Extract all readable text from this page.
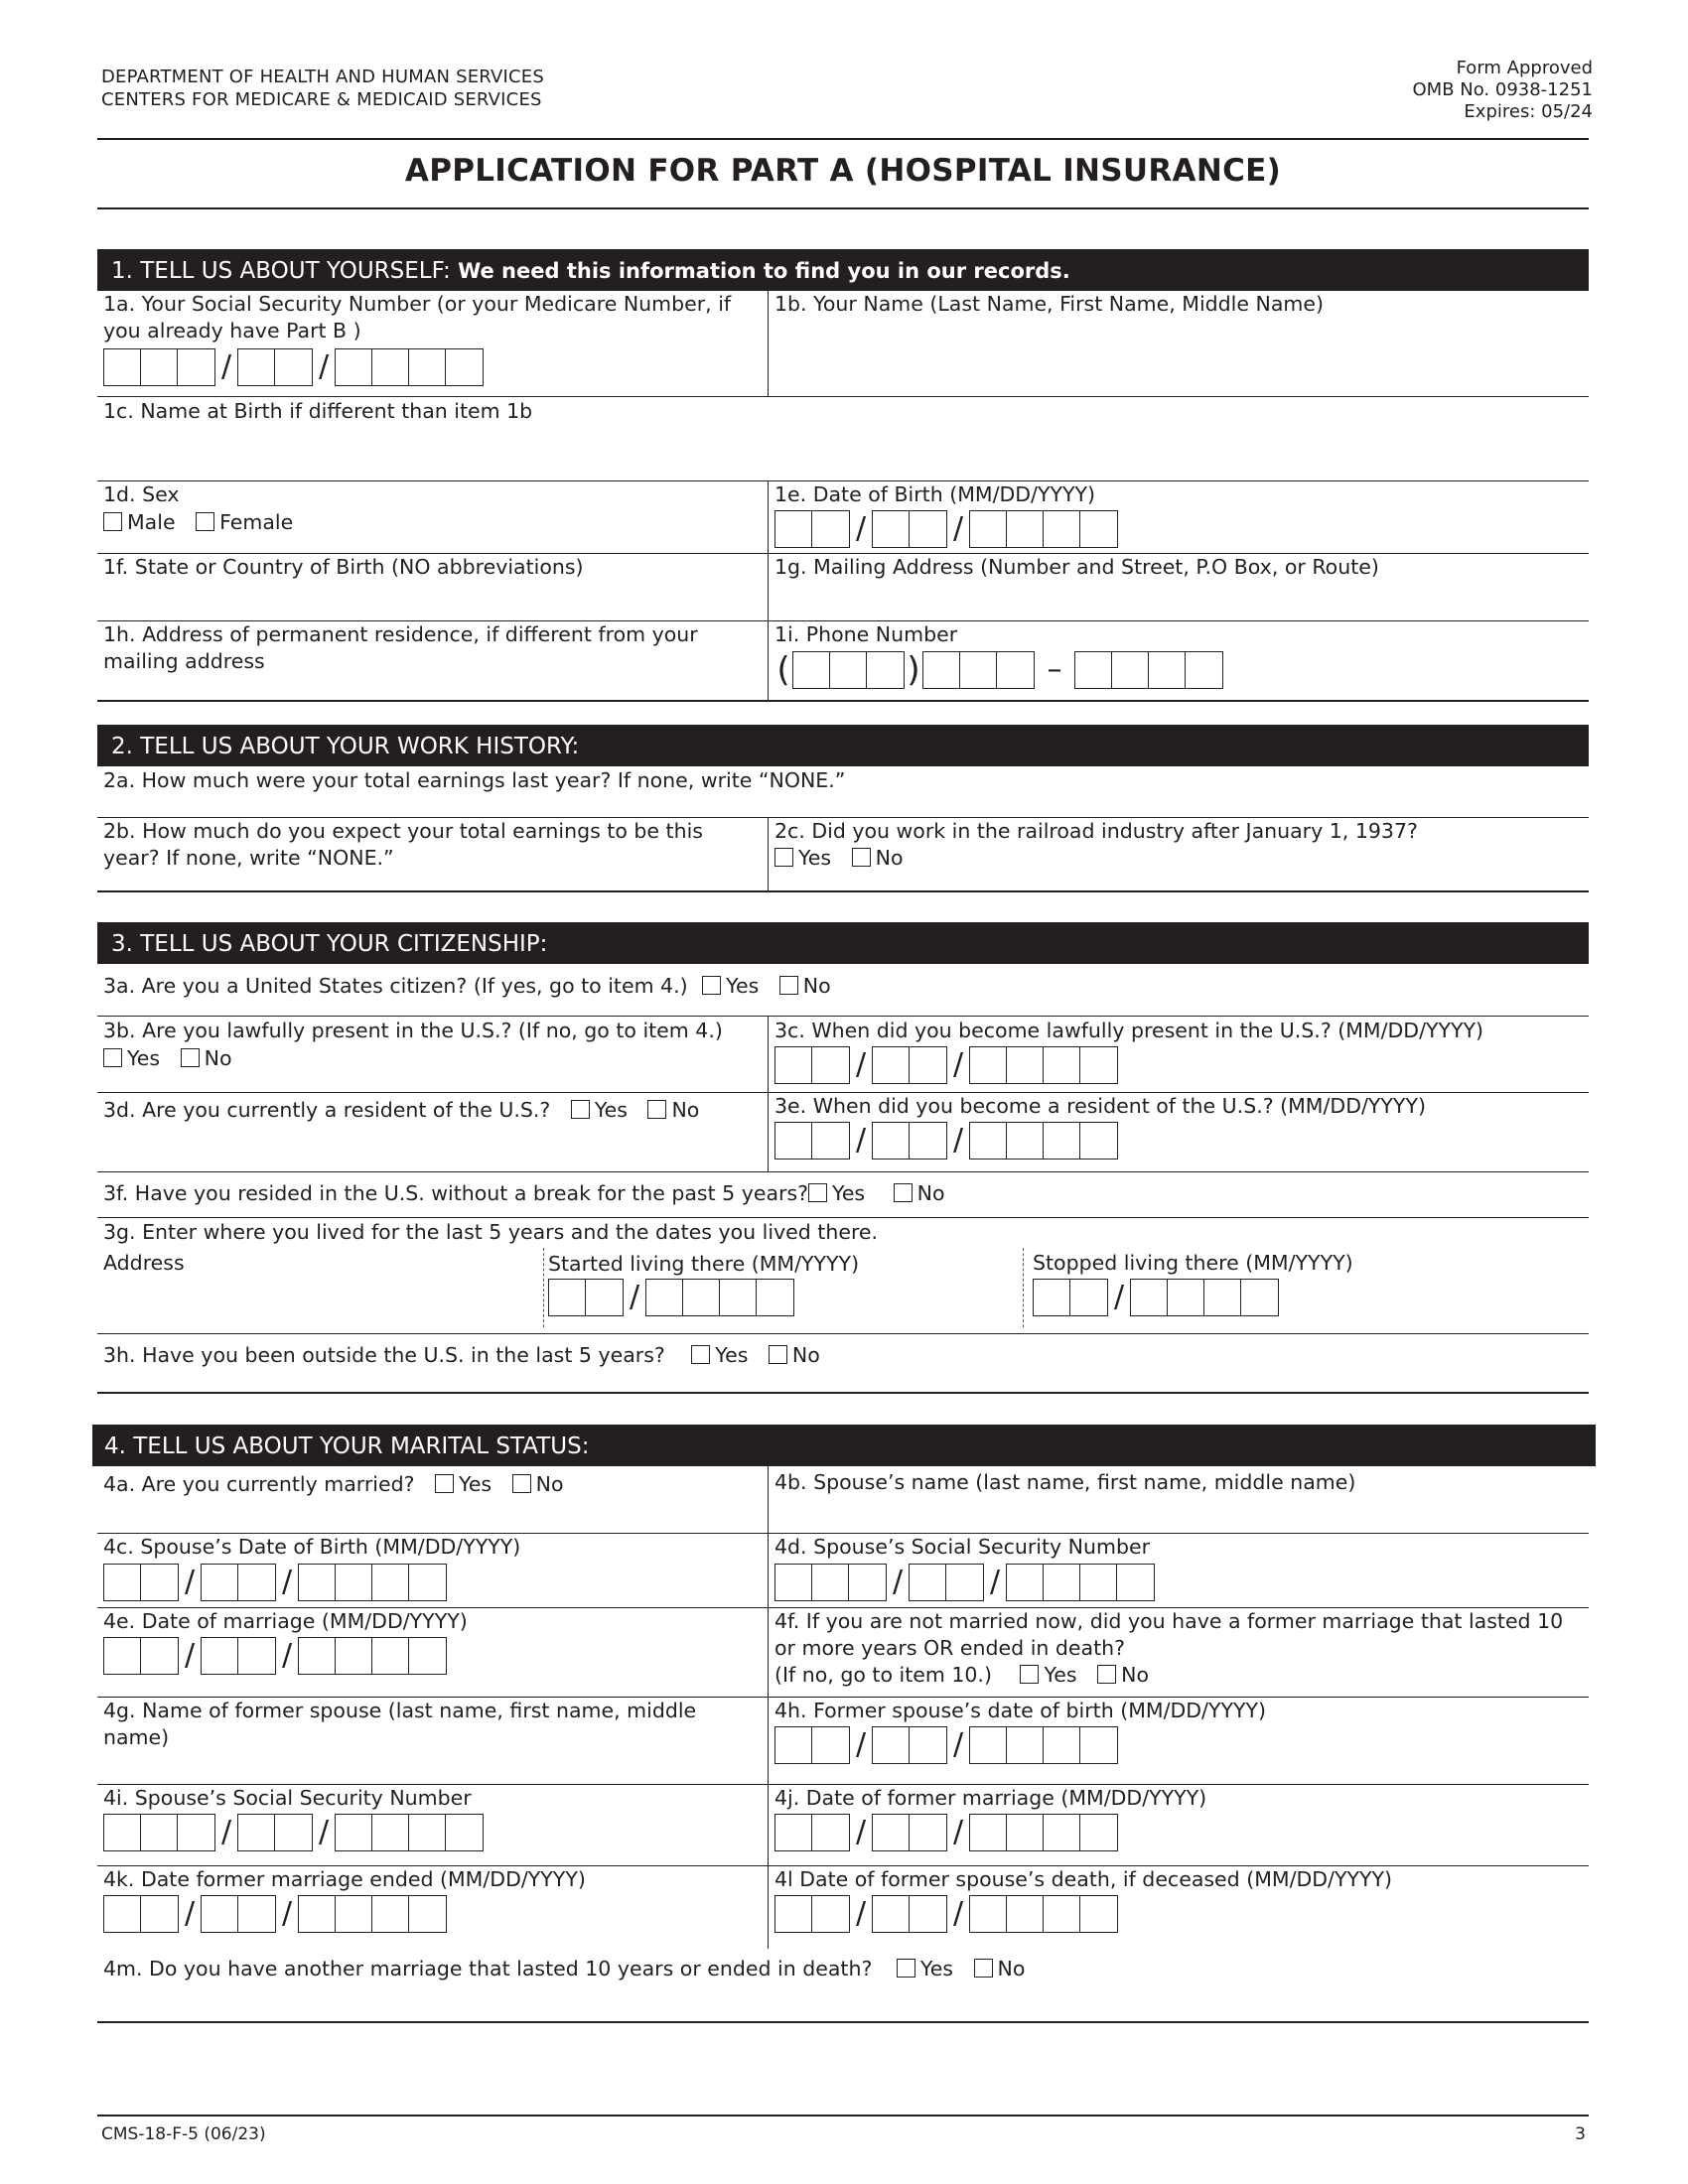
DEPARTMENT OF HEALTH AND HUMAN SERVICES
CENTERS FOR MEDICARE & MEDICAID SERVICES
Form Approved
OMB No. 0938-1251
Expires: 05/24
APPLICATION FOR PART A (HOSPITAL INSURANCE)
1. TELL US ABOUT YOURSELF: We need this information to find you in our records.
1a. Your Social Security Number (or your Medicare Number, if you already have Part B )
/	/
1b. Your Name (Last Name, First Name, Middle Name)
1c. Name at Birth if different than item 1b
1d. Sex
Male Female
1e. Date of Birth (MM/DD/YYYY)
/	/
1f. State or Country of Birth (NO abbreviations)	1g. Mailing Address (Number and Street, P.O Box, or Route)
1h. Address of permanent residence, if different from your mailing address
1i. Phone Number
(	)	–
2. TELL US ABOUT YOUR WORK HISTORY:
2a. How much were your total earnings last year? If none, write “NONE.”
2b. How much do you expect your total earnings to be this year? If none, write “NONE.”
2c. Did you work in the railroad industry after January 1, 1937?
Yes No
3. TELL US ABOUT YOUR CITIZENSHIP:
3a. Are you a United States citizen? (If yes, go to item 4.) Yes No
3b. Are you lawfully present in the U.S.? (If no, go to item 4.)
Yes No
3c. When did you become lawfully present in the U.S.? (MM/DD/YYYY)
/	/
3d. Are you currently a resident of the U.S.? Yes No	3e. When did you become a resident of the U.S.? (MM/DD/YYYY)
/	/
3f. Have you resided in the U.S. without a break for the past 5 years? Yes	No
3g. Enter where you lived for the last 5 years and the dates you lived there.
Address	Started living there (MM/YYYY)
/
Stopped living there (MM/YYYY)
/
3h. Have you been outside the U.S. in the last 5 years? Yes No
4. TELL US ABOUT YOUR MARITAL STATUS:
4a. Are you currently married? Yes No	4b. Spouse’s name (last name, first name, middle name)
4c. Spouse’s Date of Birth (MM/DD/YYYY)
/	/
4d. Spouse’s Social Security Number
/	/
4e. Date of marriage (MM/DD/YYYY)
/	/
4f. If you are not married now, did you have a former marriage that lasted 10 or more years OR ended in death?
(If no, go to item 10.)	Yes No
4g. Name of former spouse (last name, first name, middle name)
4h. Former spouse’s date of birth (MM/DD/YYYY)
/	/
4i. Spouse’s Social Security Number
/	/
4j. Date of former marriage (MM/DD/YYYY)
/	/
4k. Date former marriage ended (MM/DD/YYYY)
/	/
4l Date of former spouse’s death, if deceased (MM/DD/YYYY)
/	/
4m. Do you have another marriage that lasted 10 years or ended in death? Yes No
CMS-18-F-5 (06/23)	3
